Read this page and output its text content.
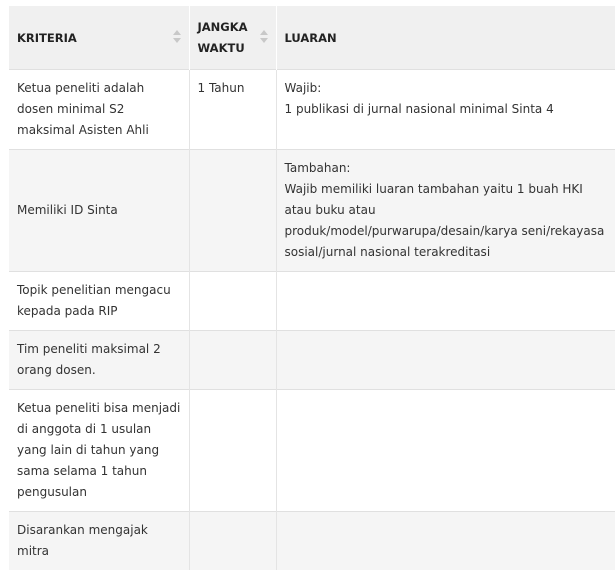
KRITERIA	JANGKA WAKTU	LUARAN
Ketua peneliti adalah dosen minimal S2 maksimal Asisten Ahli	1 Tahun	Wajib:
1 publikasi di jurnal nasional minimal Sinta 4

Memiliki ID Sinta		Tambahan:
Wajib memiliki luaran tambahan yaitu 1 buah HKI atau buku atau produk/model/purwarupa/desain/karya seni/rekayasa sosial/jurnal nasional terakreditasi

Topik penelitian mengacu kepada pada RIP		
Tim peneliti maksimal 2 orang dosen.		
Ketua peneliti bisa menjadi di anggota di 1 usulan yang lain di tahun yang sama selama 1 tahun pengusulan		
Disarankan mengajak mitra		
